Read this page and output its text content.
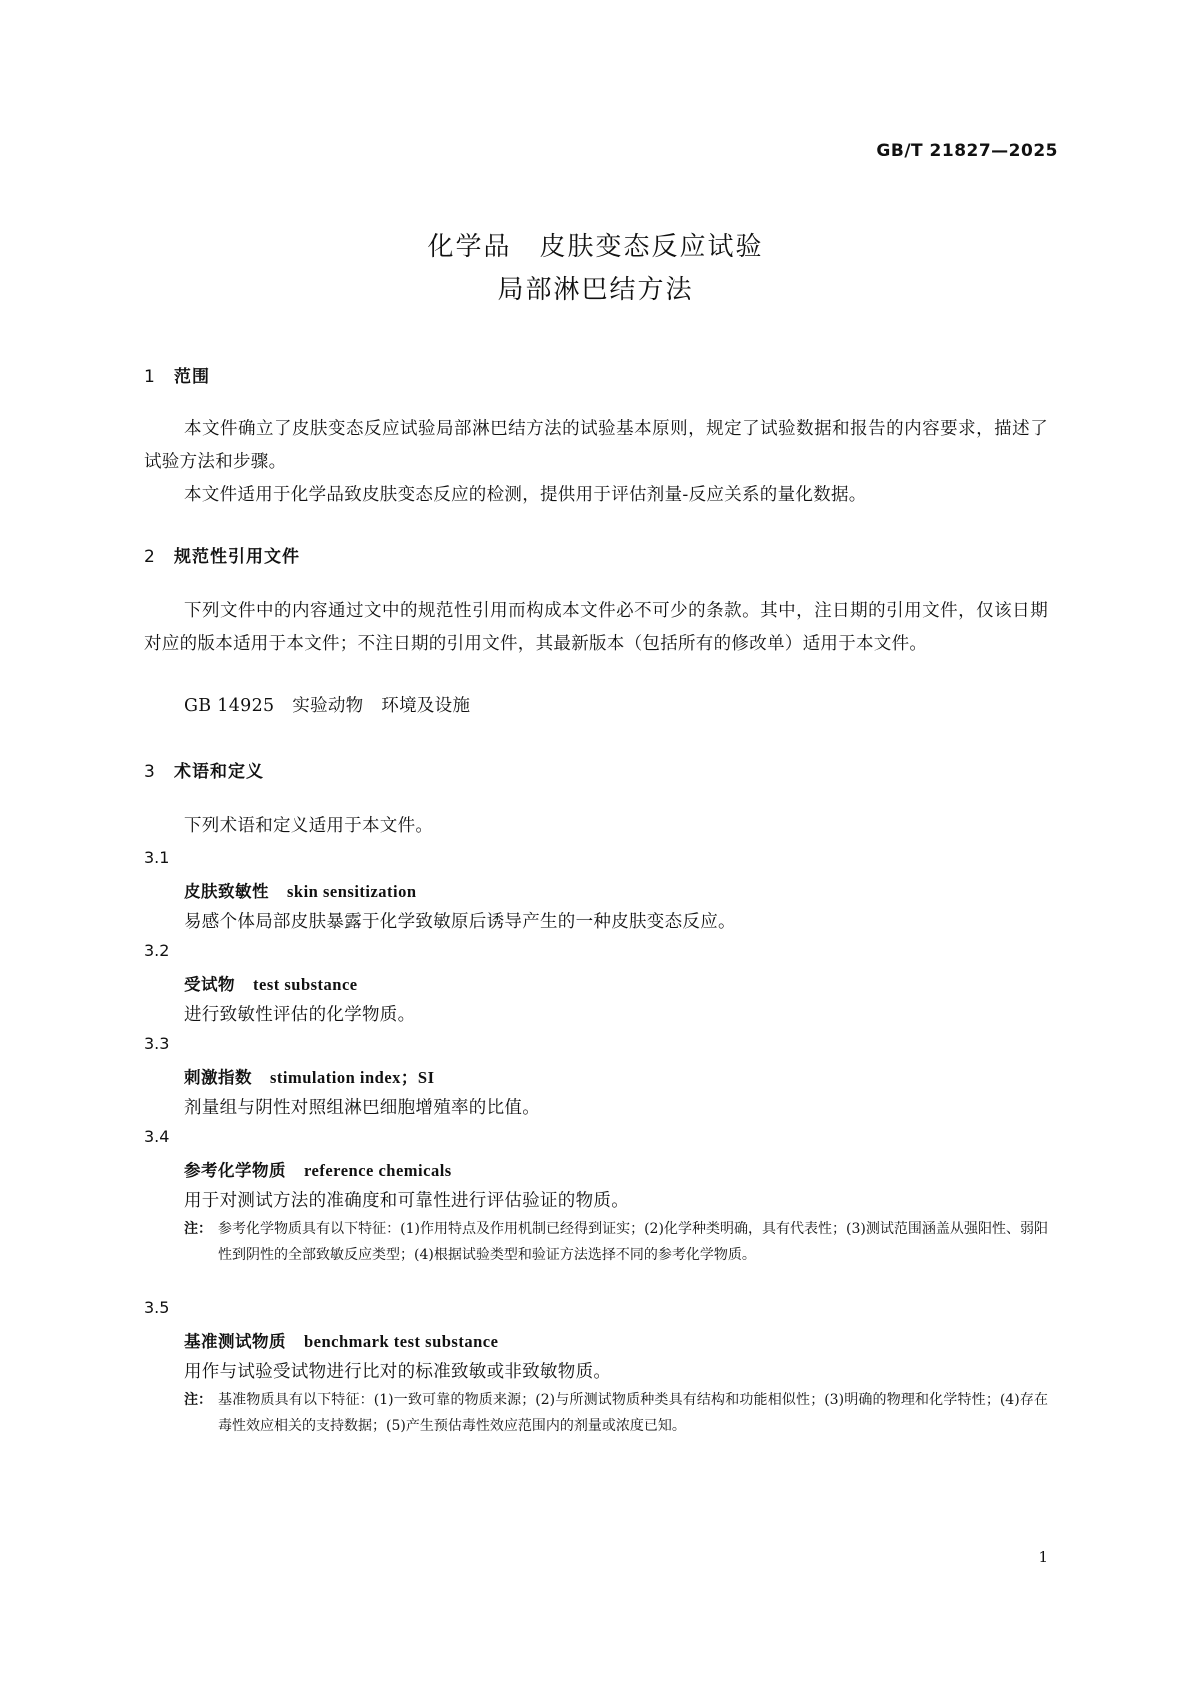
GB/T 21827—2025
化学品　皮肤变态反应试验
局部淋巴结方法
1 范围
本文件确立了皮肤变态反应试验局部淋巴结方法的试验基本原则，规定了试验数据和报告的内容要求，描述了试验方法和步骤。
本文件适用于化学品致皮肤变态反应的检测，提供用于评估剂量-反应关系的量化数据。
2 规范性引用文件
下列文件中的内容通过文中的规范性引用而构成本文件必不可少的条款。其中，注日期的引用文件，仅该日期对应的版本适用于本文件；不注日期的引用文件，其最新版本（包括所有的修改单）适用于本文件。
GB 14925　实验动物　环境及设施
3 术语和定义
下列术语和定义适用于本文件。
3.1
皮肤致敏性 skin sensitization
易感个体局部皮肤暴露于化学致敏原后诱导产生的一种皮肤变态反应。
3.2
受试物 test substance
进行致敏性评估的化学物质。
3.3
刺激指数 stimulation index；SI
剂量组与阴性对照组淋巴细胞增殖率的比值。
3.4
参考化学物质 reference chemicals
用于对测试方法的准确度和可靠性进行评估验证的物质。
注： 参考化学物质具有以下特征：(1)作用特点及作用机制已经得到证实；(2)化学种类明确，具有代表性；(3)测试范围涵盖从强阳性、弱阳性到阴性的全部致敏反应类型；(4)根据试验类型和验证方法选择不同的参考化学物质。
3.5
基准测试物质 benchmark test substance
用作与试验受试物进行比对的标准致敏或非致敏物质。
注： 基准物质具有以下特征：(1)一致可靠的物质来源；(2)与所测试物质种类具有结构和功能相似性；(3)明确的物理和化学特性；(4)存在毒性效应相关的支持数据；(5)产生预估毒性效应范围内的剂量或浓度已知。
1
